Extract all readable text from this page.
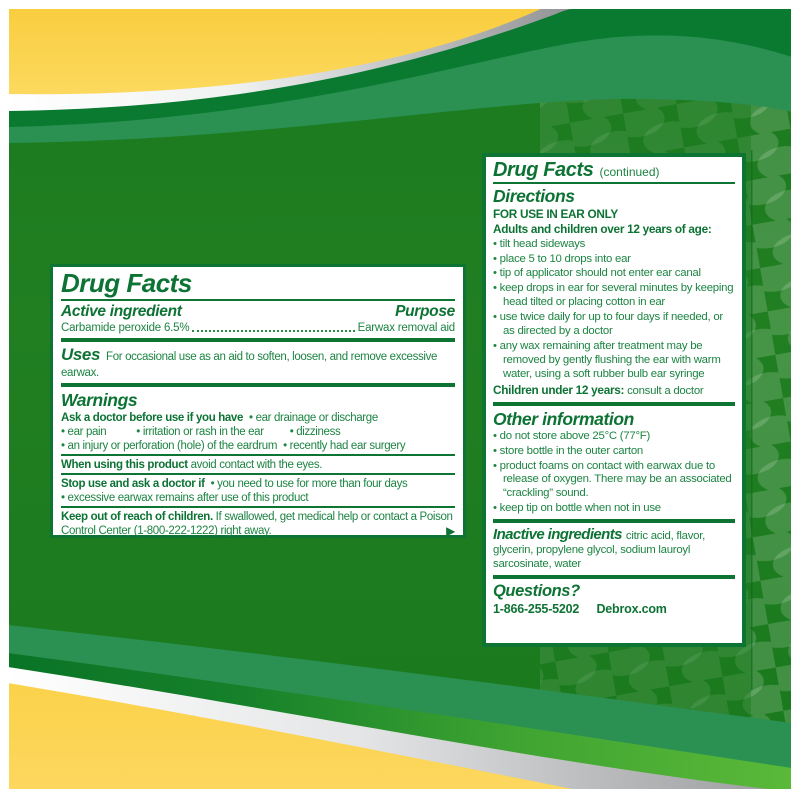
Drug Facts
Active ingredient	Purpose
Carbamide peroxide 6.5%	Earwax removal aid

Uses For occasional use as an aid to soften, loosen, and remove excessive earwax.

Warnings
Ask a doctor before use if you have	• ear drainage or discharge
• ear pain	• irritation or rash in the ear	• dizziness
• an injury or perforation (hole) of the eardrum	• recently had ear surgery

When using this product avoid contact with the eyes.

Stop use and ask a doctor if	• you need to use for more than four days
• excessive earwax remains after use of this product
Keep out of reach of children. If swallowed, get medical help or contact a Poison Control Center (1-800-222-1222) right away.	▶
Drug Facts (continued)
Directions
FOR USE IN EAR ONLY
Adults and children over 12 years of age:
• tilt head sideways
• place 5 to 10 drops into ear
• tip of applicator should not enter ear canal
• keep drops in ear for several minutes by keeping head tilted or placing cotton in ear
• use twice daily for up to four days if needed, or as directed by a doctor
• any wax remaining after treatment may be removed by gently flushing the ear with warm water, using a soft rubber bulb ear syringe

Children under 12 years: consult a doctor

Other information
• do not store above 25°C (77°F)
• store bottle in the outer carton
• product foams on contact with earwax due to release of oxygen. There may be an associated “crackling” sound.
• keep tip on bottle when not in use

Inactive ingredients citric acid, flavor, glycerin, propylene glycol, sodium lauroyl sarcosinate, water

Questions?
1-866-255-5202 Debrox.com
